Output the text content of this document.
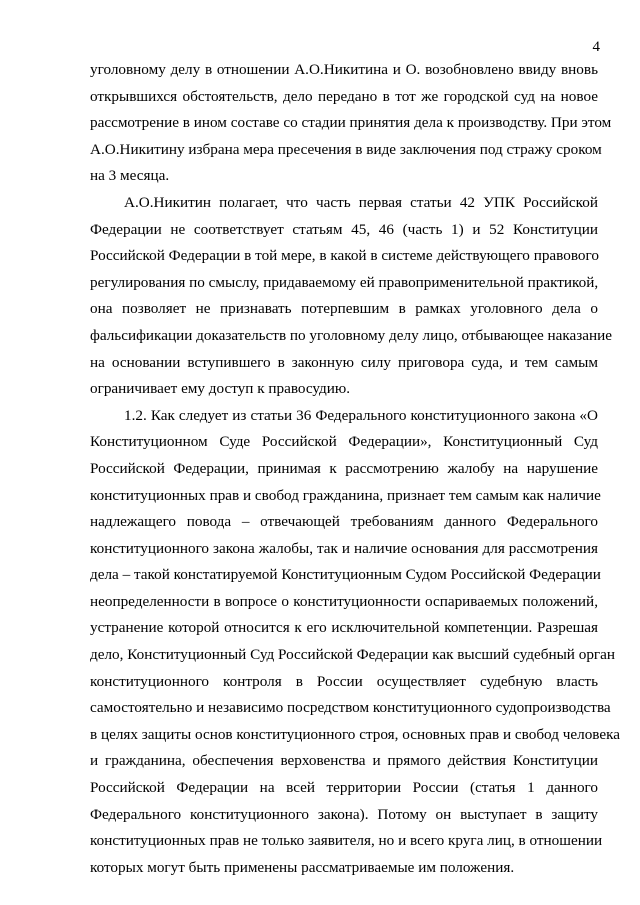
4
уголовному делу в отношении А.О.Никитина и О. возобновлено ввиду вновь
открывшихся обстоятельств, дело передано в тот же городской суд на новое
рассмотрение в ином составе со стадии принятия дела к производству. При этом
А.О.Никитину избрана мера пресечения в виде заключения под стражу сроком
на 3 месяца.
А.О.Никитин полагает, что часть первая статьи 42 УПК Российской
Федерации не соответствует статьям 45, 46 (часть 1) и 52 Конституции
Российской Федерации в той мере, в какой в системе действующего правового
регулирования по смыслу, придаваемому ей правоприменительной практикой,
она позволяет не признавать потерпевшим в рамках уголовного дела о
фальсификации доказательств по уголовному делу лицо, отбывающее наказание
на основании вступившего в законную силу приговора суда, и тем самым
ограничивает ему доступ к правосудию.
1.2. Как следует из статьи 36 Федерального конституционного закона «О
Конституционном Суде Российской Федерации», Конституционный Суд
Российской Федерации, принимая к рассмотрению жалобу на нарушение
конституционных прав и свобод гражданина, признает тем самым как наличие
надлежащего повода – отвечающей требованиям данного Федерального
конституционного закона жалобы, так и наличие основания для рассмотрения
дела – такой констатируемой Конституционным Судом Российской Федерации
неопределенности в вопросе о конституционности оспариваемых положений,
устранение которой относится к его исключительной компетенции. Разрешая
дело, Конституционный Суд Российской Федерации как высший судебный орган
конституционного контроля в России осуществляет судебную власть
самостоятельно и независимо посредством конституционного судопроизводства
в целях защиты основ конституционного строя, основных прав и свобод человека
и гражданина, обеспечения верховенства и прямого действия Конституции
Российской Федерации на всей территории России (статья 1 данного
Федерального конституционного закона). Потому он выступает в защиту
конституционных прав не только заявителя, но и всего круга лиц, в отношении
которых могут быть применены рассматриваемые им положения.
